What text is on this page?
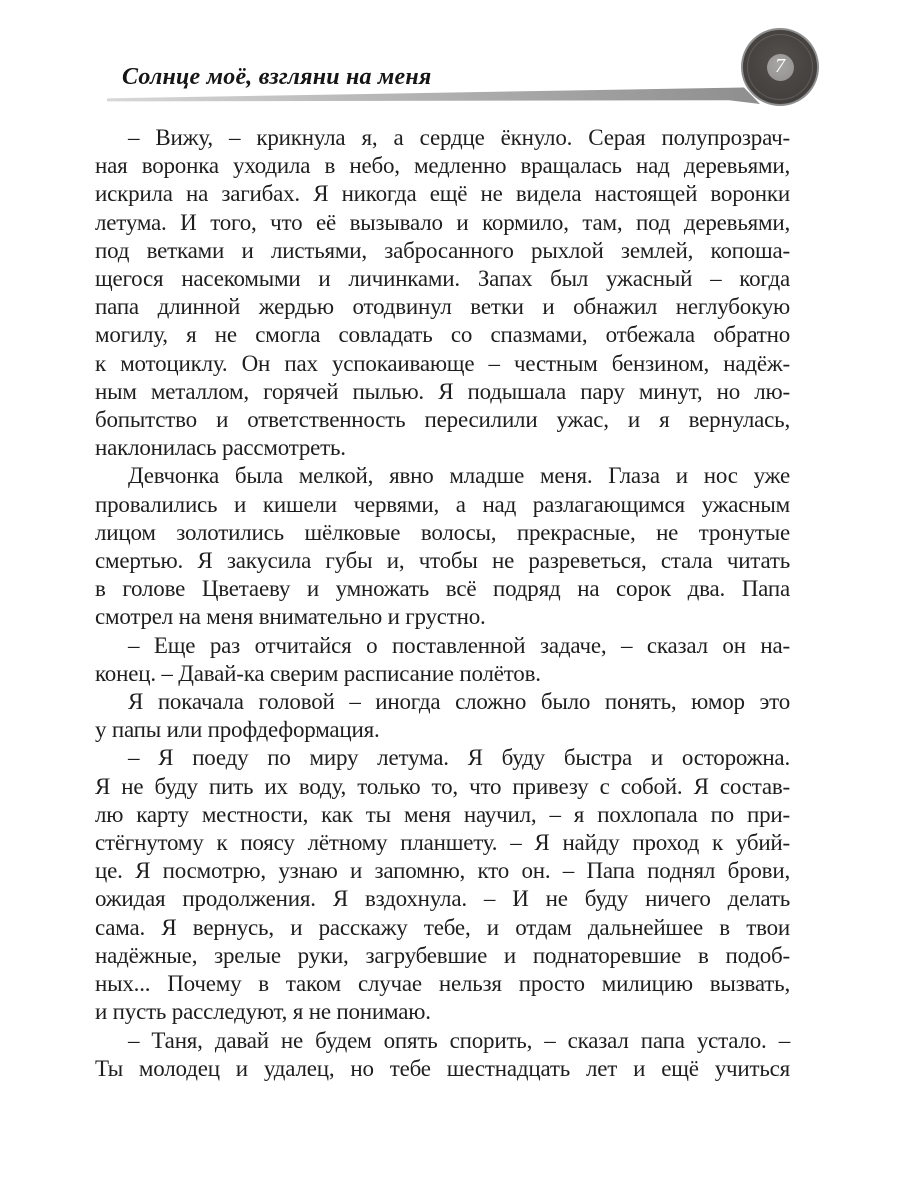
Солнце моё, взгляни на меня	7
– Вижу, – крикнула я, а сердце ёкнуло. Серая полупрозрач-
ная воронка уходила в небо, медленно вращалась над деревьями,
искрила на загибах. Я никогда ещё не видела настоящей воронки
летума. И того, что её вызывало и кормило, там, под деревьями,
под ветками и листьями, забросанного рыхлой землей, копоша-
щегося насекомыми и личинками. Запах был ужасный – когда
папа длинной жердью отодвинул ветки и обнажил неглубокую
могилу, я не смогла совладать со спазмами, отбежала обратно
к мотоциклу. Он пах успокаивающе – честным бензином, надёж-
ным металлом, горячей пылью. Я подышала пару минут, но лю-
бопытство и ответственность пересилили ужас, и я вернулась,
наклонилась рассмотреть.
Девчонка была мелкой, явно младше меня. Глаза и нос уже
провалились и кишели червями, а над разлагающимся ужасным
лицом золотились шёлковые волосы, прекрасные, не тронутые
смертью. Я закусила губы и, чтобы не разреветься, стала читать
в голове Цветаеву и умножать всё подряд на сорок два. Папа
смотрел на меня внимательно и грустно.
– Еще раз отчитайся о поставленной задаче, – сказал он на-
конец. – Давай-ка сверим расписание полётов.
Я покачала головой – иногда сложно было понять, юмор это
у папы или профдеформация.
– Я поеду по миру летума. Я буду быстра и осторожна.
Я не буду пить их воду, только то, что привезу с собой. Я состав-
лю карту местности, как ты меня научил, – я похлопала по при-
стёгнутому к поясу лётному планшету. – Я найду проход к убий-
це. Я посмотрю, узнаю и запомню, кто он. – Папа поднял брови,
ожидая продолжения. Я вздохнула. – И не буду ничего делать
сама. Я вернусь, и расскажу тебе, и отдам дальнейшее в твои
надёжные, зрелые руки, загрубевшие и поднаторевшие в подоб-
ных... Почему в таком случае нельзя просто милицию вызвать,
и пусть расследуют, я не понимаю.
– Таня, давай не будем опять спорить, – сказал папа устало. –
Ты молодец и удалец, но тебе шестнадцать лет и ещё учиться
